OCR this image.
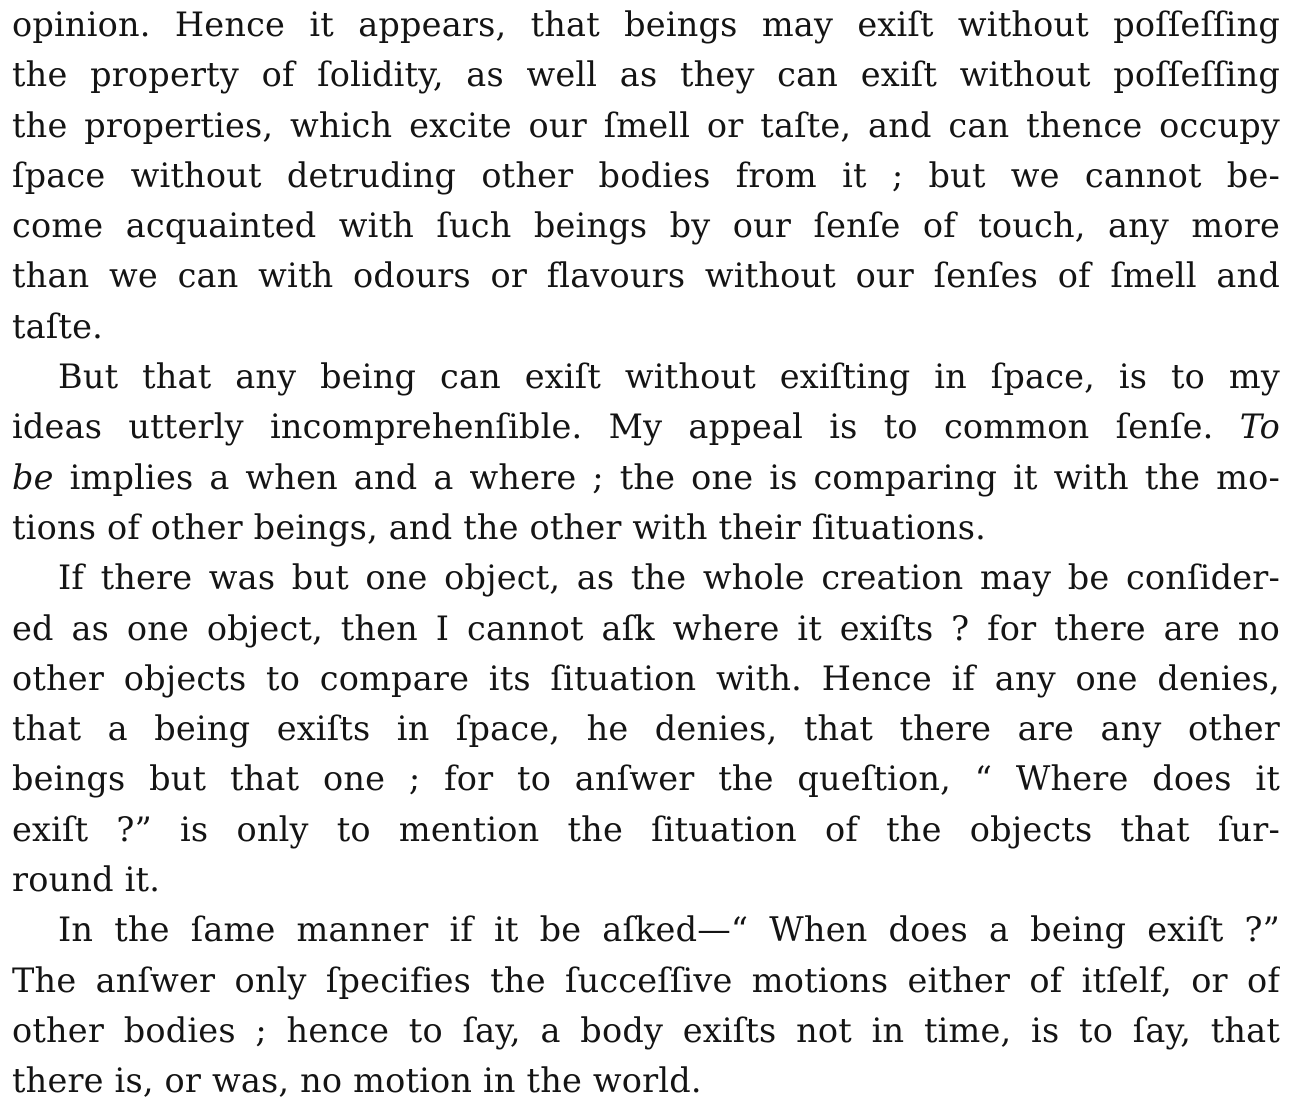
opinion. Hence it appears, that beings may exiſt without poſſeſſing
the property of ſolidity, as well as they can exiſt without poſſeſſing
the properties, which excite our ſmell or taſte, and can thence occupy
ſpace without detruding other bodies from it ; but we cannot be-
come acquainted with ſuch beings by our ſenſe of touch, any more
than we can with odours or flavours without our ſenſes of ſmell and
taſte.
But that any being can exiſt without exiſting in ſpace, is to my
ideas utterly incomprehenſible. My appeal is to common ſenſe. To
be implies a when and a where ; the one is comparing it with the mo-
tions of other beings, and the other with their ſituations.
If there was but one object, as the whole creation may be conſider-
ed as one object, then I cannot aſk where it exiſts ? for there are no
other objects to compare its ſituation with. Hence if any one denies,
that a being exiſts in ſpace, he denies, that there are any other
beings but that one ; for to anſwer the queſtion, “ Where does it
exiſt ?” is only to mention the ſituation of the objects that ſur-
round it.
In the ſame manner if it be aſked—“ When does a being exiſt ?”
The anſwer only ſpecifies the ſucceſſive motions either of itſelf, or of
other bodies ; hence to ſay, a body exiſts not in time, is to ſay, that
there is, or was, no motion in the world.
